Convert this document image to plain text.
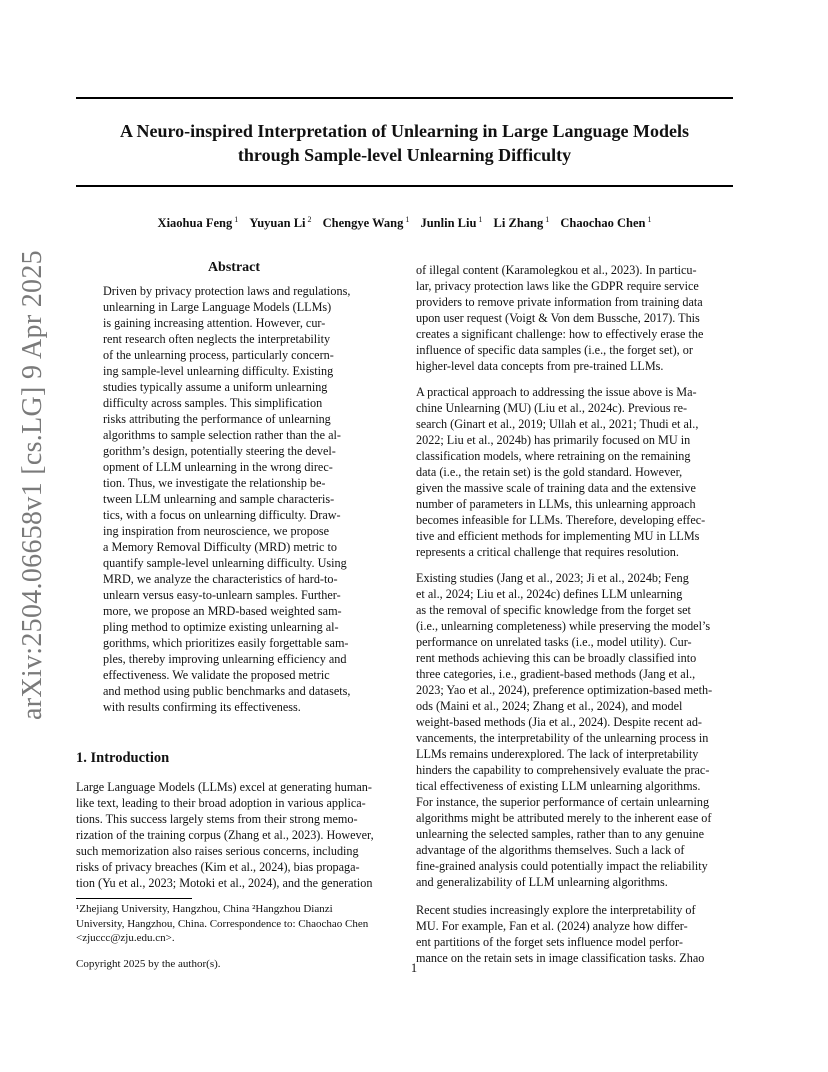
A Neuro-inspired Interpretation of Unlearning in Large Language Models
through Sample-level Unlearning Difficulty
Xiaohua Feng $^1$ Yuyuan Li $^2$ Chengye Wang $^1$ Junlin Liu $^1$ Li Zhang $^1$ Chaochao Chen $^1$
arXiv:2504.06658v1 [cs.LG] 9 Apr 2025	Abstract
Driven by privacy protection laws and regulations,
unlearning in Large Language Models (LLMs)
is gaining increasing attention. However, cur-
rent research often neglects the interpretability
of the unlearning process, particularly concern-
ing sample-level unlearning difficulty. Existing
studies typically assume a uniform unlearning
difficulty across samples. This simplification
risks attributing the performance of unlearning
algorithms to sample selection rather than the al-
gorithm’s design, potentially steering the devel-
opment of LLM unlearning in the wrong direc-
tion. Thus, we investigate the relationship be-
tween LLM unlearning and sample characteris-
tics, with a focus on unlearning difficulty. Draw-
ing inspiration from neuroscience, we propose
a Memory Removal Difficulty (MRD) metric to
quantify sample-level unlearning difficulty. Using
MRD, we analyze the characteristics of hard-to-
unlearn versus easy-to-unlearn samples. Further-
more, we propose an MRD-based weighted sam-
pling method to optimize existing unlearning al-
gorithms, which prioritizes easily forgettable sam-
ples, thereby improving unlearning efficiency and
effectiveness. We validate the proposed metric
and method using public benchmarks and datasets,
with results confirming its effectiveness.
1. Introduction
Large Language Models (LLMs) excel at generating human-
like text, leading to their broad adoption in various applica-
tions. This success largely stems from their strong memo-
rization of the training corpus (Zhang et al., 2023). However,
such memorization also raises serious concerns, including
risks of privacy breaches (Kim et al., 2024), bias propaga-
tion (Yu et al., 2023; Motoki et al., 2024), and the generation
¹Zhejiang University, Hangzhou, China ²Hangzhou Dianzi
University, Hangzhou, China. Correspondence to: Chaochao Chen
<zjuccc@zju.edu.cn>.
Copyright 2025 by the author(s).	1
of illegal content (Karamolegkou et al., 2023). In particu-
lar, privacy protection laws like the GDPR require service
providers to remove private information from training data
upon user request (Voigt & Von dem Bussche, 2017). This
creates a significant challenge: how to effectively erase the
influence of specific data samples (i.e., the forget set), or
higher-level data concepts from pre-trained LLMs.
A practical approach to addressing the issue above is Ma-
chine Unlearning (MU) (Liu et al., 2024c). Previous re-
search (Ginart et al., 2019; Ullah et al., 2021; Thudi et al.,
2022; Liu et al., 2024b) has primarily focused on MU in
classification models, where retraining on the remaining
data (i.e., the retain set) is the gold standard. However,
given the massive scale of training data and the extensive
number of parameters in LLMs, this unlearning approach
becomes infeasible for LLMs. Therefore, developing effec-
tive and efficient methods for implementing MU in LLMs
represents a critical challenge that requires resolution.
Existing studies (Jang et al., 2023; Ji et al., 2024b; Feng
et al., 2024; Liu et al., 2024c) defines LLM unlearning
as the removal of specific knowledge from the forget set
(i.e., unlearning completeness) while preserving the model’s
performance on unrelated tasks (i.e., model utility). Cur-
rent methods achieving this can be broadly classified into
three categories, i.e., gradient-based methods (Jang et al.,
2023; Yao et al., 2024), preference optimization-based meth-
ods (Maini et al., 2024; Zhang et al., 2024), and model
weight-based methods (Jia et al., 2024). Despite recent ad-
vancements, the interpretability of the unlearning process in
LLMs remains underexplored. The lack of interpretability
hinders the capability to comprehensively evaluate the prac-
tical effectiveness of existing LLM unlearning algorithms.
For instance, the superior performance of certain unlearning
algorithms might be attributed merely to the inherent ease of
unlearning the selected samples, rather than to any genuine
advantage of the algorithms themselves. Such a lack of
fine-grained analysis could potentially impact the reliability
and generalizability of LLM unlearning algorithms.
Recent studies increasingly explore the interpretability of
MU. For example, Fan et al. (2024) analyze how differ-
ent partitions of the forget sets influence model perfor-
mance on the retain sets in image classification tasks. Zhao
